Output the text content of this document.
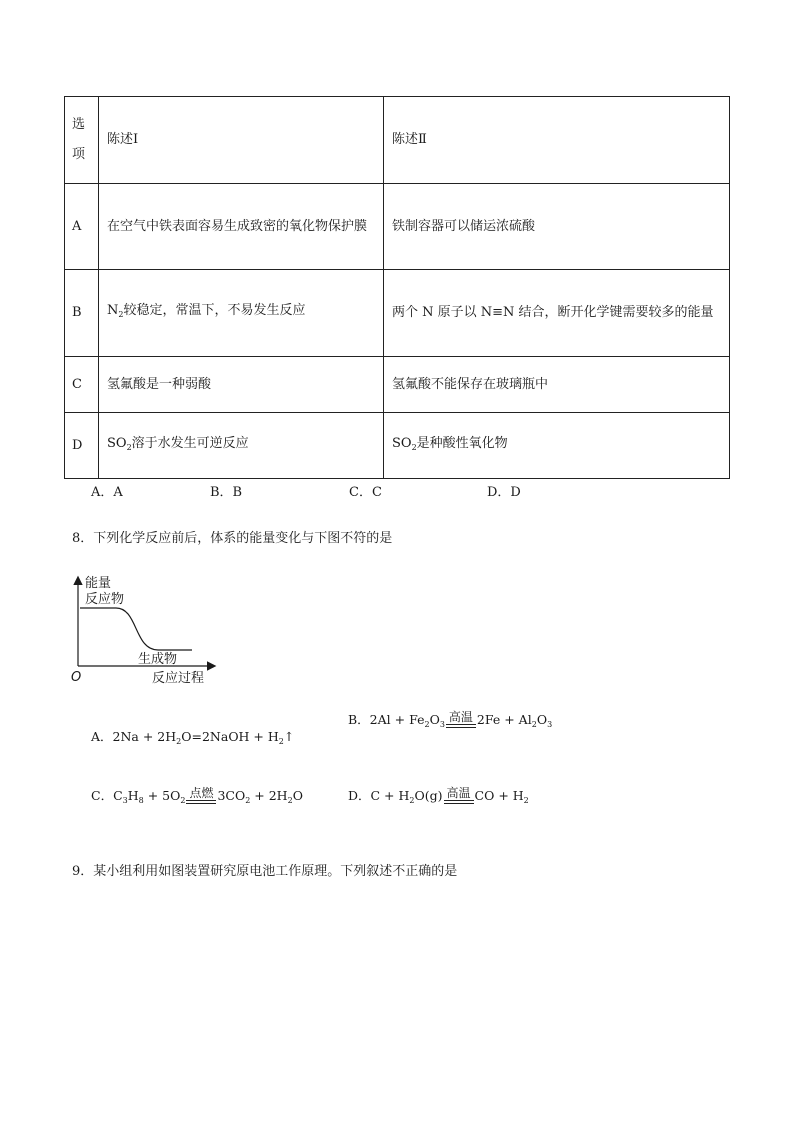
选项	陈述Ⅰ	陈述Ⅱ
A	在空气中铁表面容易生成致密的氧化物保护膜	铁制容器可以储运浓硫酸
B	$N_2$较稳定，常温下，不易发生反应	两个 N 原子以 N≡N 结合，断开化学键需要较多的能量
C	氢氟酸是一种弱酸	氢氟酸不能保存在玻璃瓶中
D	$SO_2$溶于水发生可逆反应	$SO_2$是种酸性氧化物
A．A	B．B	C．C	D．D
8．下列化学反应前后，体系的能量变化与下图不符的是
能量
反应物
生成物
O	反应过程
A．$2Na + 2H_2O=2NaOH$ + $H_2↑$
B．$2Al + Fe_2O_3$
高温 $2Fe + Al_2O_3$
C．$C_3H_8 + 5O_2$
点燃 $3CO_2 + 2H_2O$	D．$C + H_2O(g)$ 高温 CO + $H_2$
9．某小组利用如图装置研究原电池工作原理。下列叙述不正确的是
